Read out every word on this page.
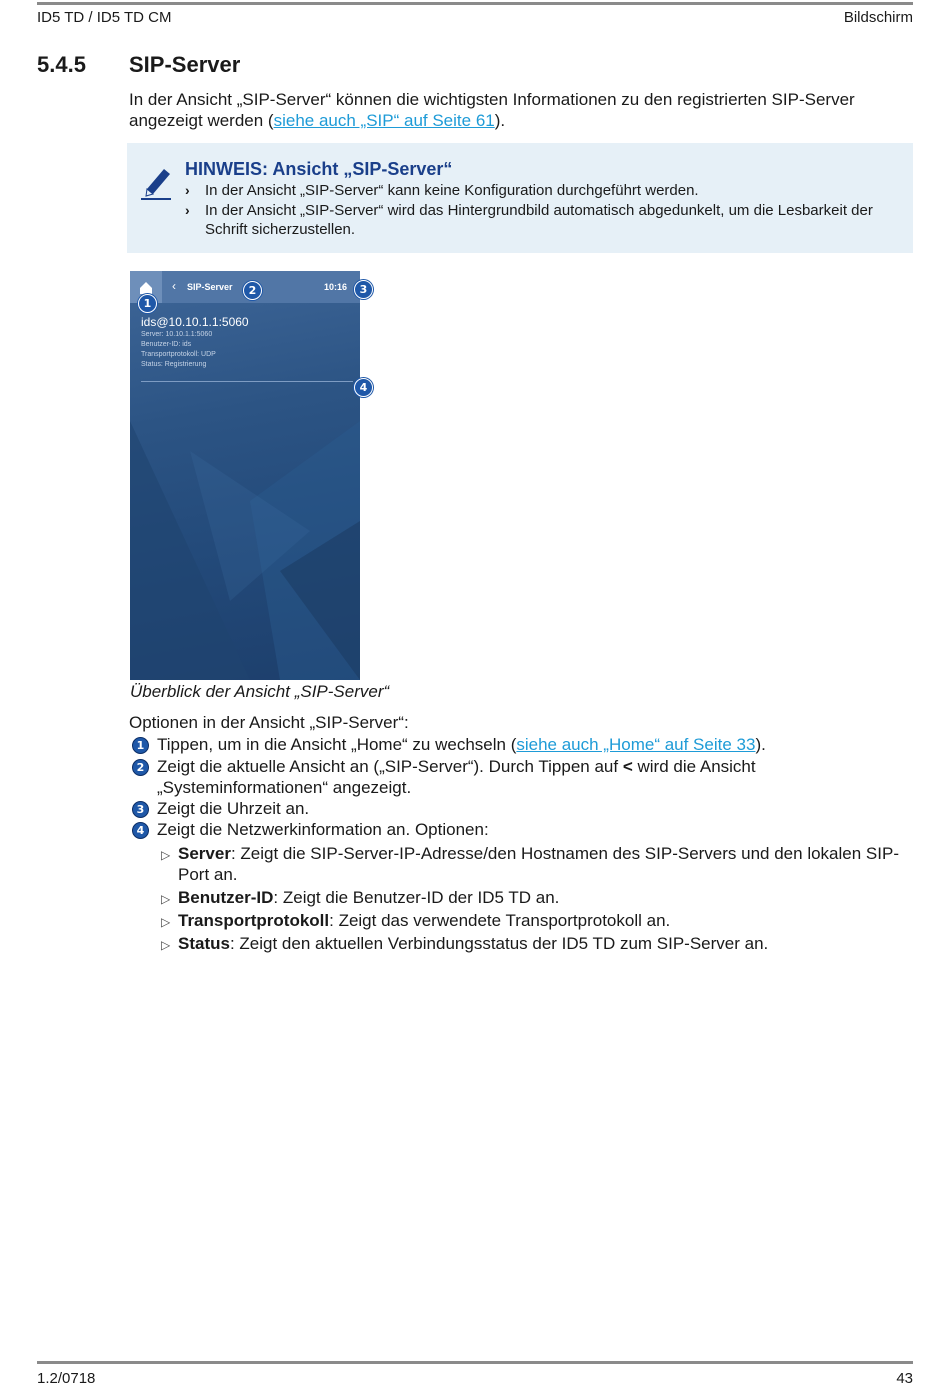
ID5 TD / ID5 TD CM	Bildschirm
5.4.5 SIP-Server
In der Ansicht „SIP-Server“ können die wichtigsten Informationen zu den registrierten SIP-Server angezeigt werden (siehe auch „SIP“ auf Seite 61).
HINWEIS: Ansicht „SIP-Server“
› In der Ansicht „SIP-Server“ kann keine Konfiguration durchgeführt werden.
› In der Ansicht „SIP-Server“ wird das Hintergrundbild automatisch abgedunkelt, um die Lesbarkeit der Schrift sicherzustellen.
‹ SIP-Server	10:16
ids@10.10.1.1:5060
Server: 10.10.1.1:5060
Benutzer-ID: ids
Transportprotokoll: UDP
Status: Registrierung
1
2	3
4
Überblick der Ansicht „SIP-Server“
Optionen in der Ansicht „SIP-Server“:
1 Tippen, um in die Ansicht „Home“ zu wechseln (siehe auch „Home“ auf Seite 33).
2 Zeigt die aktuelle Ansicht an („SIP-Server“). Durch Tippen auf < wird die Ansicht „Systeminformationen“ angezeigt.
3 Zeigt die Uhrzeit an.
4 Zeigt die Netzwerkinformation an. Optionen:
▷ Server: Zeigt die SIP-Server-IP-Adresse/den Hostnamen des SIP-Servers und den lokalen SIP-Port an.
▷ Benutzer-ID: Zeigt die Benutzer-ID der ID5 TD an.
▷ Transportprotokoll: Zeigt das verwendete Transportprotokoll an.
▷ Status: Zeigt den aktuellen Verbindungsstatus der ID5 TD zum SIP-Server an.
1.2/0718	43
